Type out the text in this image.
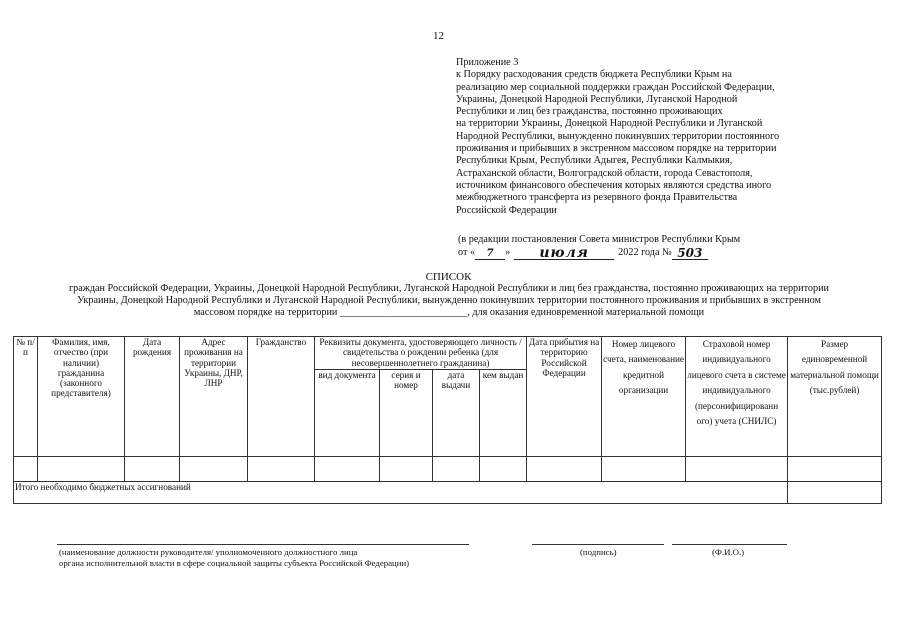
12
Приложение 3
к Порядку расходования средств бюджета Республики Крым на
реализацию мер социальной поддержки граждан Российской Федерации,
Украины, Донецкой Народной Республики, Луганской Народной
Республики и лиц без гражданства, постоянно проживающих
на территории Украины, Донецкой Народной Республики и Луганской
Народной Республики, вынужденно покинувших территории постоянного
проживания и прибывших в экстренном массовом порядке на территории
Республики Крым, Республики Адыгея, Республики Калмыкия,
Астраханской области, Волгоградской области, города Севастополя,
источником финансового обеспечения которых являются средства иного
межбюджетного трансферта из резервного фонда Правительства
Российской Федерации
(в редакции постановления Совета министров Республики Крым
от «	7	»	июля	2022 года № 503
СПИСОК
граждан Российской Федерации, Украины, Донецкой Народной Республики, Луганской Народной Республики и лиц без гражданства, постоянно проживающих на территории Украины, Донецкой Народной Республики и Луганской Народной Республики, вынужденно покинувших территории постоянного проживания и прибывших в экстренном массовом порядке на территории _________________________, для оказания единовременной материальной помощи
№ п/п	Фамилия, имя, отчество (при наличии) гражданина (законного представителя)	Дата рождения	Адрес проживания на территории Украины, ДНР, ЛНР	Гражданство	Реквизиты документа, удостоверяющего личность / свидетельства о рождении ребенка (для несовершеннолетнего гражданина)				Дата прибытия на территорию Российской Федерации	Номер лицевого счета, наименование кредитной организации	Страховой номер индивидуального лицевого счета в системе индивидуального (персонифицированн ого) учета (СНИЛС)	Размер единовременной материальной помощи (тыс.рублей)
					вид документа	серия и номер	дата выдачи	кем выдан				

Итого необходимо бюджетных ассигнований												
(наименование должности руководителя/ уполномоченного должностного лица
органа исполнительной власти в сфере социальной защиты субъекта Российской Федерации)
(подпись)	(Ф.И.О.)
